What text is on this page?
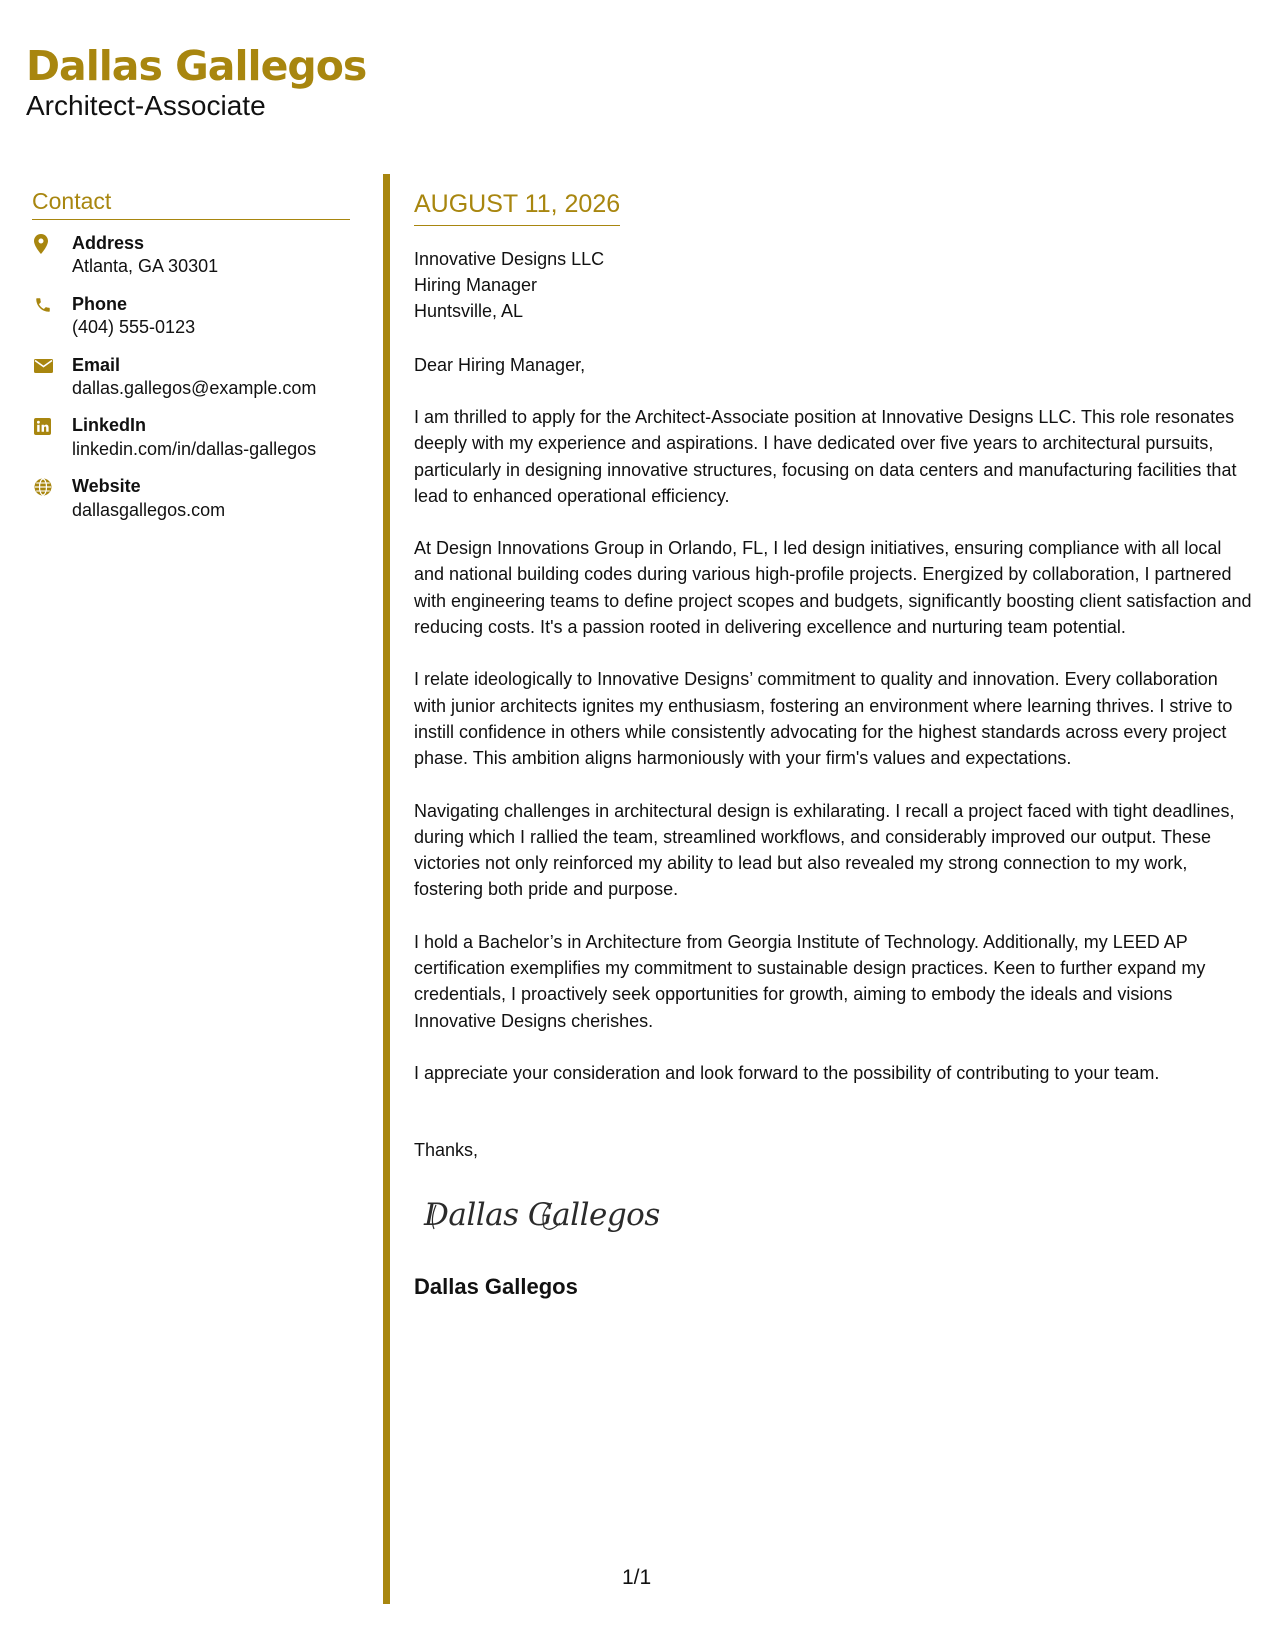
Dallas Gallegos
Architect-Associate
Contact
Address
Atlanta, GA 30301
Phone
(404) 555-0123
Email
dallas.gallegos@example.com
LinkedIn
linkedin.com/in/dallas-gallegos
Website
dallasgallegos.com
AUGUST 11, 2026
Innovative Designs LLC
Hiring Manager
Huntsville, AL
Dear Hiring Manager,
I am thrilled to apply for the Architect-Associate position at Innovative Designs LLC. This role resonates deeply with my experience and aspirations. I have dedicated over five years to architectural pursuits, particularly in designing innovative structures, focusing on data centers and manufacturing facilities that lead to enhanced operational efficiency.
At Design Innovations Group in Orlando, FL, I led design initiatives, ensuring compliance with all local and national building codes during various high-profile projects. Energized by collaboration, I partnered with engineering teams to define project scopes and budgets, significantly boosting client satisfaction and reducing costs. It's a passion rooted in delivering excellence and nurturing team potential.
I relate ideologically to Innovative Designs’ commitment to quality and innovation. Every collaboration with junior architects ignites my enthusiasm, fostering an environment where learning thrives. I strive to instill confidence in others while consistently advocating for the highest standards across every project phase. This ambition aligns harmoniously with your firm's values and expectations.
Navigating challenges in architectural design is exhilarating. I recall a project faced with tight deadlines, during which I rallied the team, streamlined workflows, and considerably improved our output. These victories not only reinforced my ability to lead but also revealed my strong connection to my work, fostering both pride and purpose.
I hold a Bachelor’s in Architecture from Georgia Institute of Technology. Additionally, my LEED AP certification exemplifies my commitment to sustainable design practices. Keen to further expand my credentials, I proactively seek opportunities for growth, aiming to embody the ideals and visions Innovative Designs cherishes.
I appreciate your consideration and look forward to the possibility of contributing to your team.
Thanks,
Dallas Gallegos
Dallas Gallegos
1/1
